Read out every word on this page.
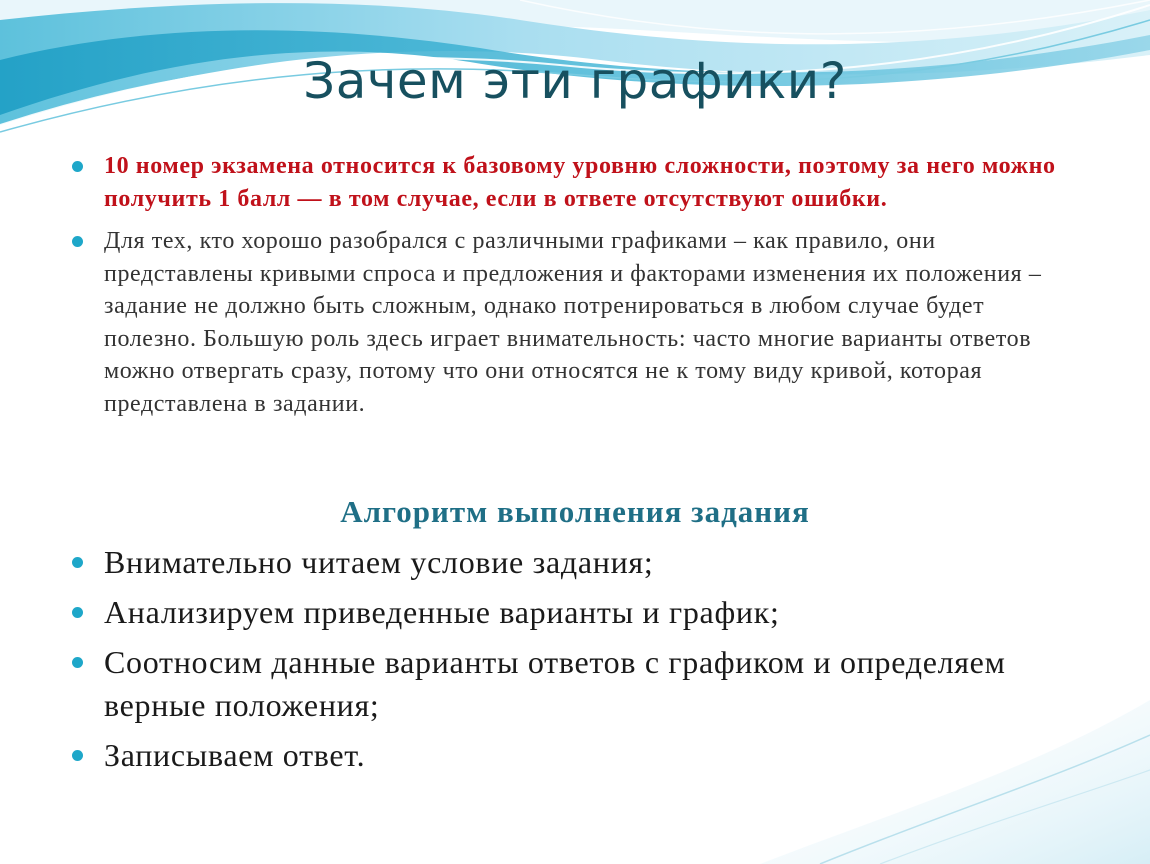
Зачем эти графики?
10 номер экзамена относится к базовому уровню сложности, поэтому за него можно получить 1 балл — в том случае, если в ответе отсутствуют ошибки.
Для тех, кто хорошо разобрался с различными графиками – как правило, они представлены кривыми спроса и предложения и факторами изменения их положения – задание не должно быть сложным, однако потренироваться в любом случае будет полезно. Большую роль здесь играет внимательность: часто многие варианты ответов можно отвергать сразу, потому что они относятся не к тому виду кривой, которая представлена в задании.
Алгоритм выполнения задания
Внимательно читаем условие задания;
Анализируем приведенные варианты и график;
Соотносим данные варианты ответов с графиком и определяем верные положения;
Записываем ответ.
